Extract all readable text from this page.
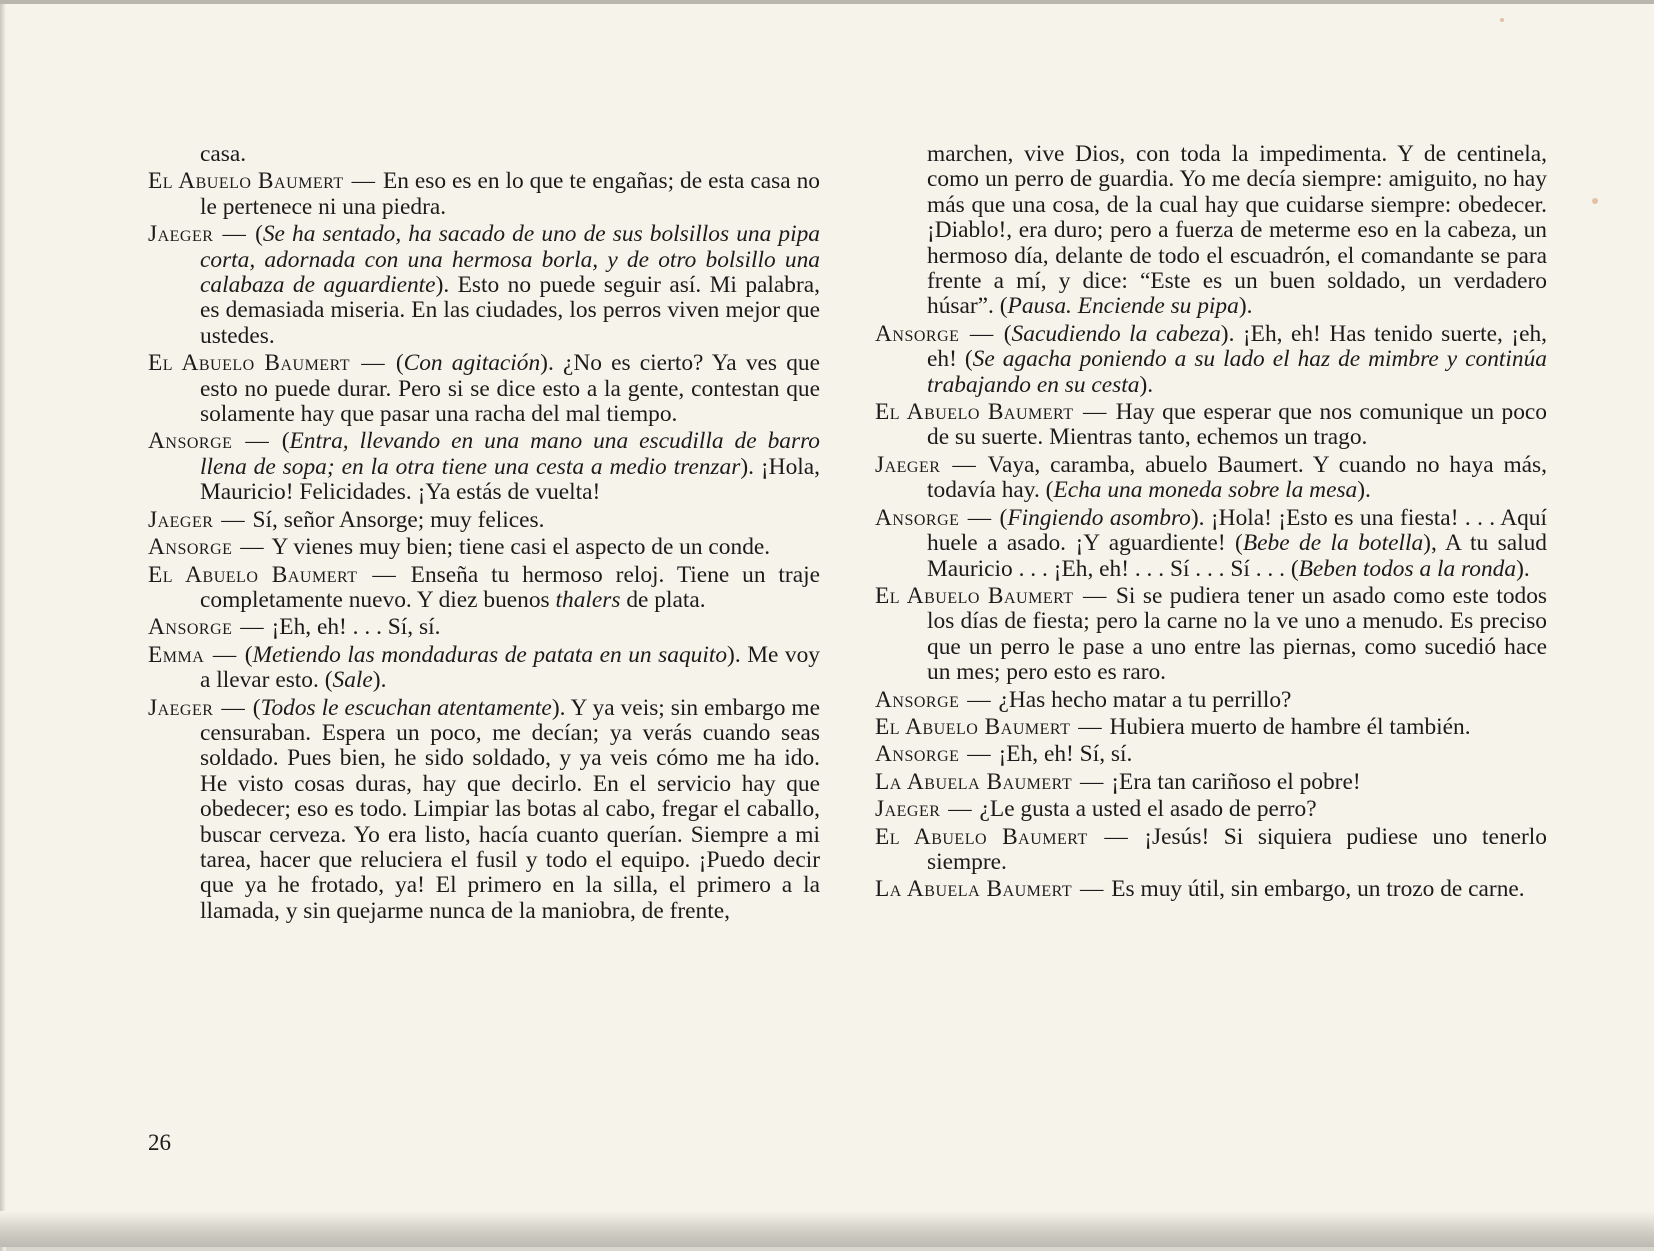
casa.

El Abuelo Baumert — En eso es en lo que te engañas; de esta casa no le pertenece ni una piedra.

Jaeger — (Se ha sentado, ha sacado de uno de sus bolsillos una pipa corta, adornada con una hermosa borla, y de otro bolsillo una calabaza de aguardiente). Esto no puede seguir así. Mi palabra, es demasiada miseria. En las ciudades, los perros viven mejor que ustedes.

El Abuelo Baumert — (Con agitación). ¿No es cierto? Ya ves que esto no puede durar. Pero si se dice esto a la gente, contestan que solamente hay que pasar una racha del mal tiempo.

Ansorge — (Entra, llevando en una mano una escudilla de barro llena de sopa; en la otra tiene una cesta a medio trenzar). ¡Hola, Mauricio! Felicidades. ¡Ya estás de vuelta!

Jaeger — Sí, señor Ansorge; muy felices.

Ansorge — Y vienes muy bien; tiene casi el aspecto de un conde.

El Abuelo Baumert — Enseña tu hermoso reloj. Tiene un traje completamente nuevo. Y diez buenos thalers de plata.

Ansorge — ¡Eh, eh! . . . Sí, sí.

Emma — (Metiendo las mondaduras de patata en un saquito). Me voy a llevar esto. (Sale).

Jaeger — (Todos le escuchan atentamente). Y ya veis; sin embargo me censuraban. Espera un poco, me decían; ya verás cuando seas soldado. Pues bien, he sido soldado, y ya veis cómo me ha ido. He visto cosas duras, hay que decirlo. En el servicio hay que obedecer; eso es todo. Limpiar las botas al cabo, fregar el caballo, buscar cerveza. Yo era listo, hacía cuanto querían. Siempre a mi tarea, hacer que reluciera el fusil y todo el equipo. ¡Puedo decir que ya he frotado, ya! El primero en la silla, el primero a la llamada, y sin quejarme nunca de la maniobra, de frente,

marchen, vive Dios, con toda la impedimenta. Y de centinela, como un perro de guardia. Yo me decía siempre: amiguito, no hay más que una cosa, de la cual hay que cuidarse siempre: obedecer. ¡Diablo!, era duro; pero a fuerza de meterme eso en la cabeza, un hermoso día, delante de todo el escuadrón, el comandante se para frente a mí, y dice: “Este es un buen soldado, un verdadero húsar”. (Pausa. Enciende su pipa).

Ansorge — (Sacudiendo la cabeza). ¡Eh, eh! Has tenido suerte, ¡eh, eh! (Se agacha poniendo a su lado el haz de mimbre y continúa trabajando en su cesta).

El Abuelo Baumert — Hay que esperar que nos comunique un poco de su suerte. Mientras tanto, echemos un trago.

Jaeger — Vaya, caramba, abuelo Baumert. Y cuando no haya más, todavía hay. (Echa una moneda sobre la mesa).

Ansorge — (Fingiendo asombro). ¡Hola! ¡Esto es una fiesta! . . . Aquí huele a asado. ¡Y aguardiente! (Bebe de la botella), A tu salud Mauricio . . . ¡Eh, eh! . . . Sí . . . Sí . . . (Beben todos a la ronda).

El Abuelo Baumert — Si se pudiera tener un asado como este todos los días de fiesta; pero la carne no la ve uno a menudo. Es preciso que un perro le pase a uno entre las piernas, como sucedió hace un mes; pero esto es raro.

Ansorge — ¿Has hecho matar a tu perrillo?

El Abuelo Baumert — Hubiera muerto de hambre él también.

Ansorge — ¡Eh, eh! Sí, sí.

La Abuela Baumert — ¡Era tan cariñoso el pobre!

Jaeger — ¿Le gusta a usted el asado de perro?

El Abuelo Baumert — ¡Jesús! Si siquiera pudiese uno tenerlo siempre.

La Abuela Baumert — Es muy útil, sin embargo, un trozo de carne.

26
